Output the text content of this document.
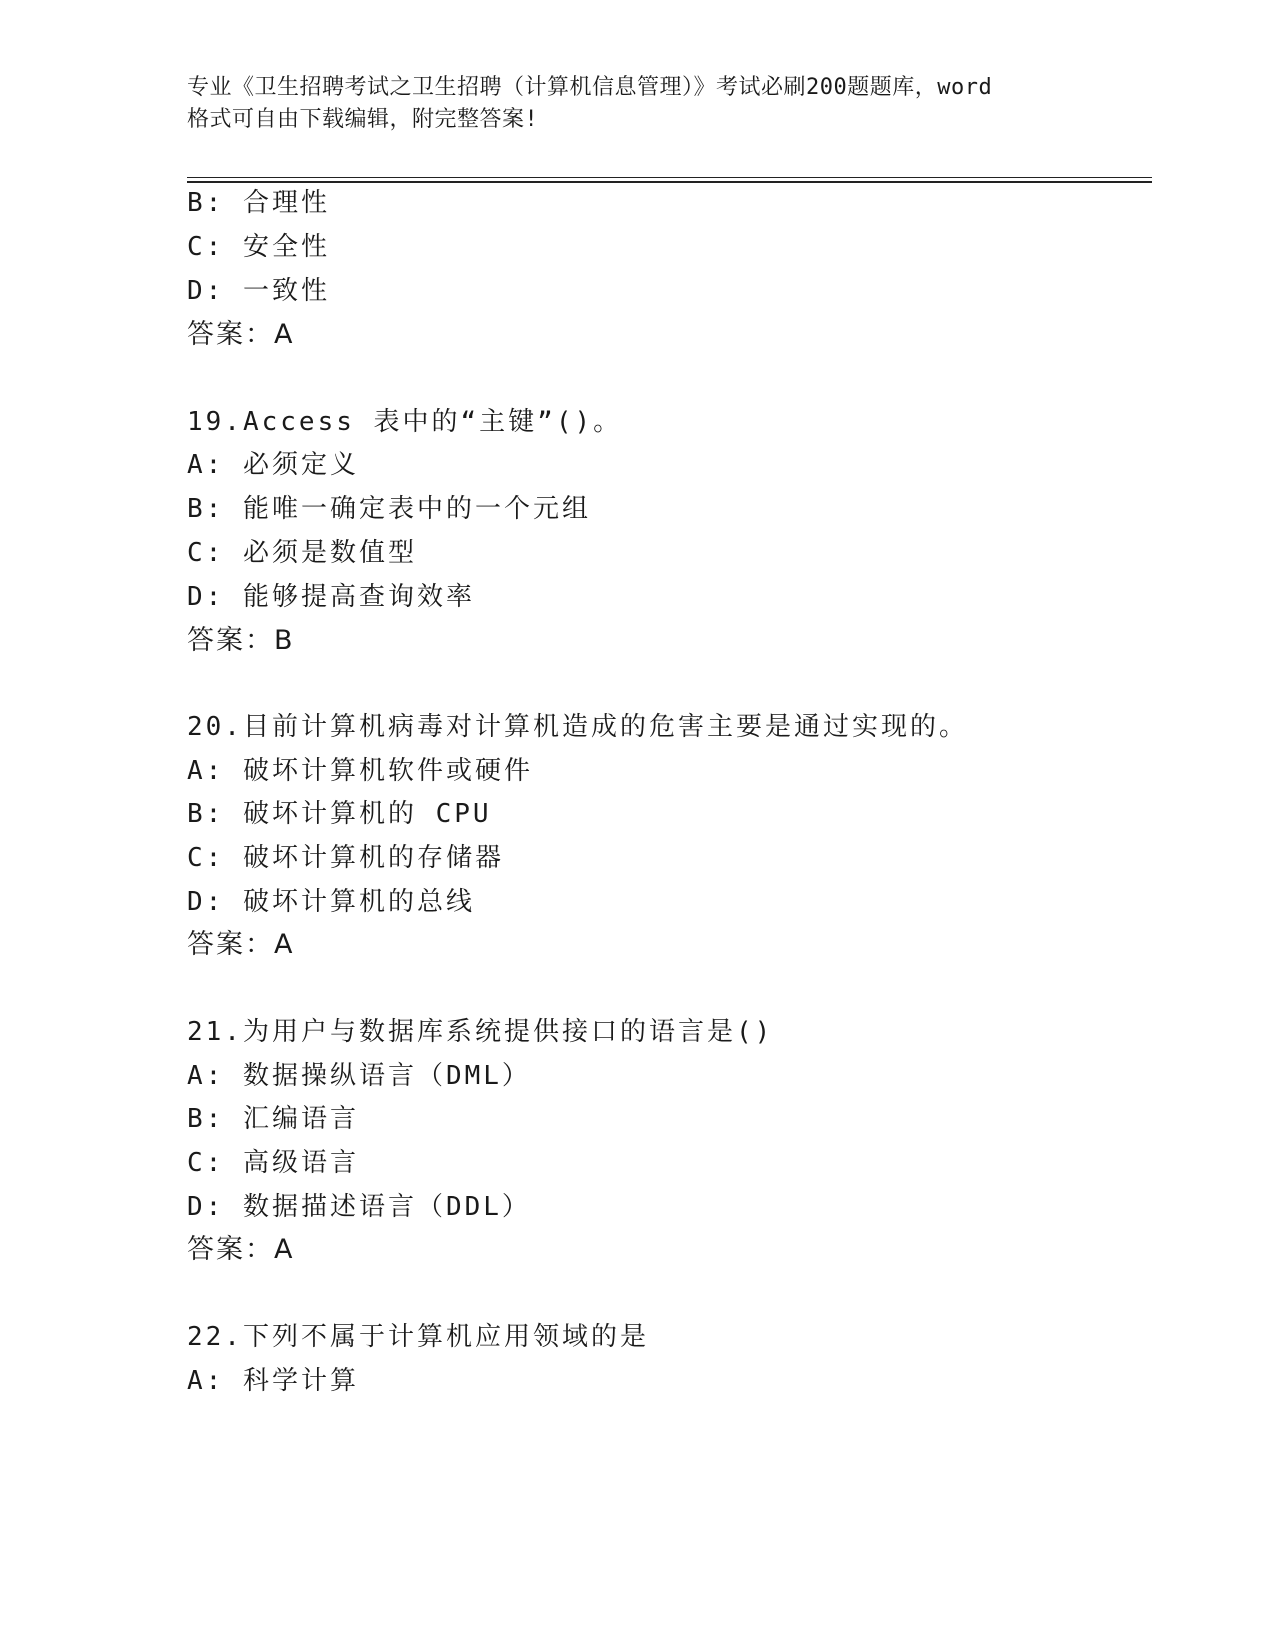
专业《卫生招聘考试之卫生招聘（计算机信息管理）》考试必刷200题题库，word
格式可自由下载编辑，附完整答案!
B: 合理性
C: 安全性
D: 一致性
答案：A
19.Access 表中的“主键”()。
A: 必须定义
B: 能唯一确定表中的一个元组
C: 必须是数值型
D: 能够提高查询效率
答案：B
20.目前计算机病毒对计算机造成的危害主要是通过实现的。
A: 破坏计算机软件或硬件
B: 破坏计算机的 CPU
C: 破坏计算机的存储器
D: 破坏计算机的总线
答案：A
21.为用户与数据库系统提供接口的语言是()
A: 数据操纵语言（DML）
B: 汇编语言
C: 高级语言
D: 数据描述语言（DDL）
答案：A
22.下列不属于计算机应用领域的是
A: 科学计算
